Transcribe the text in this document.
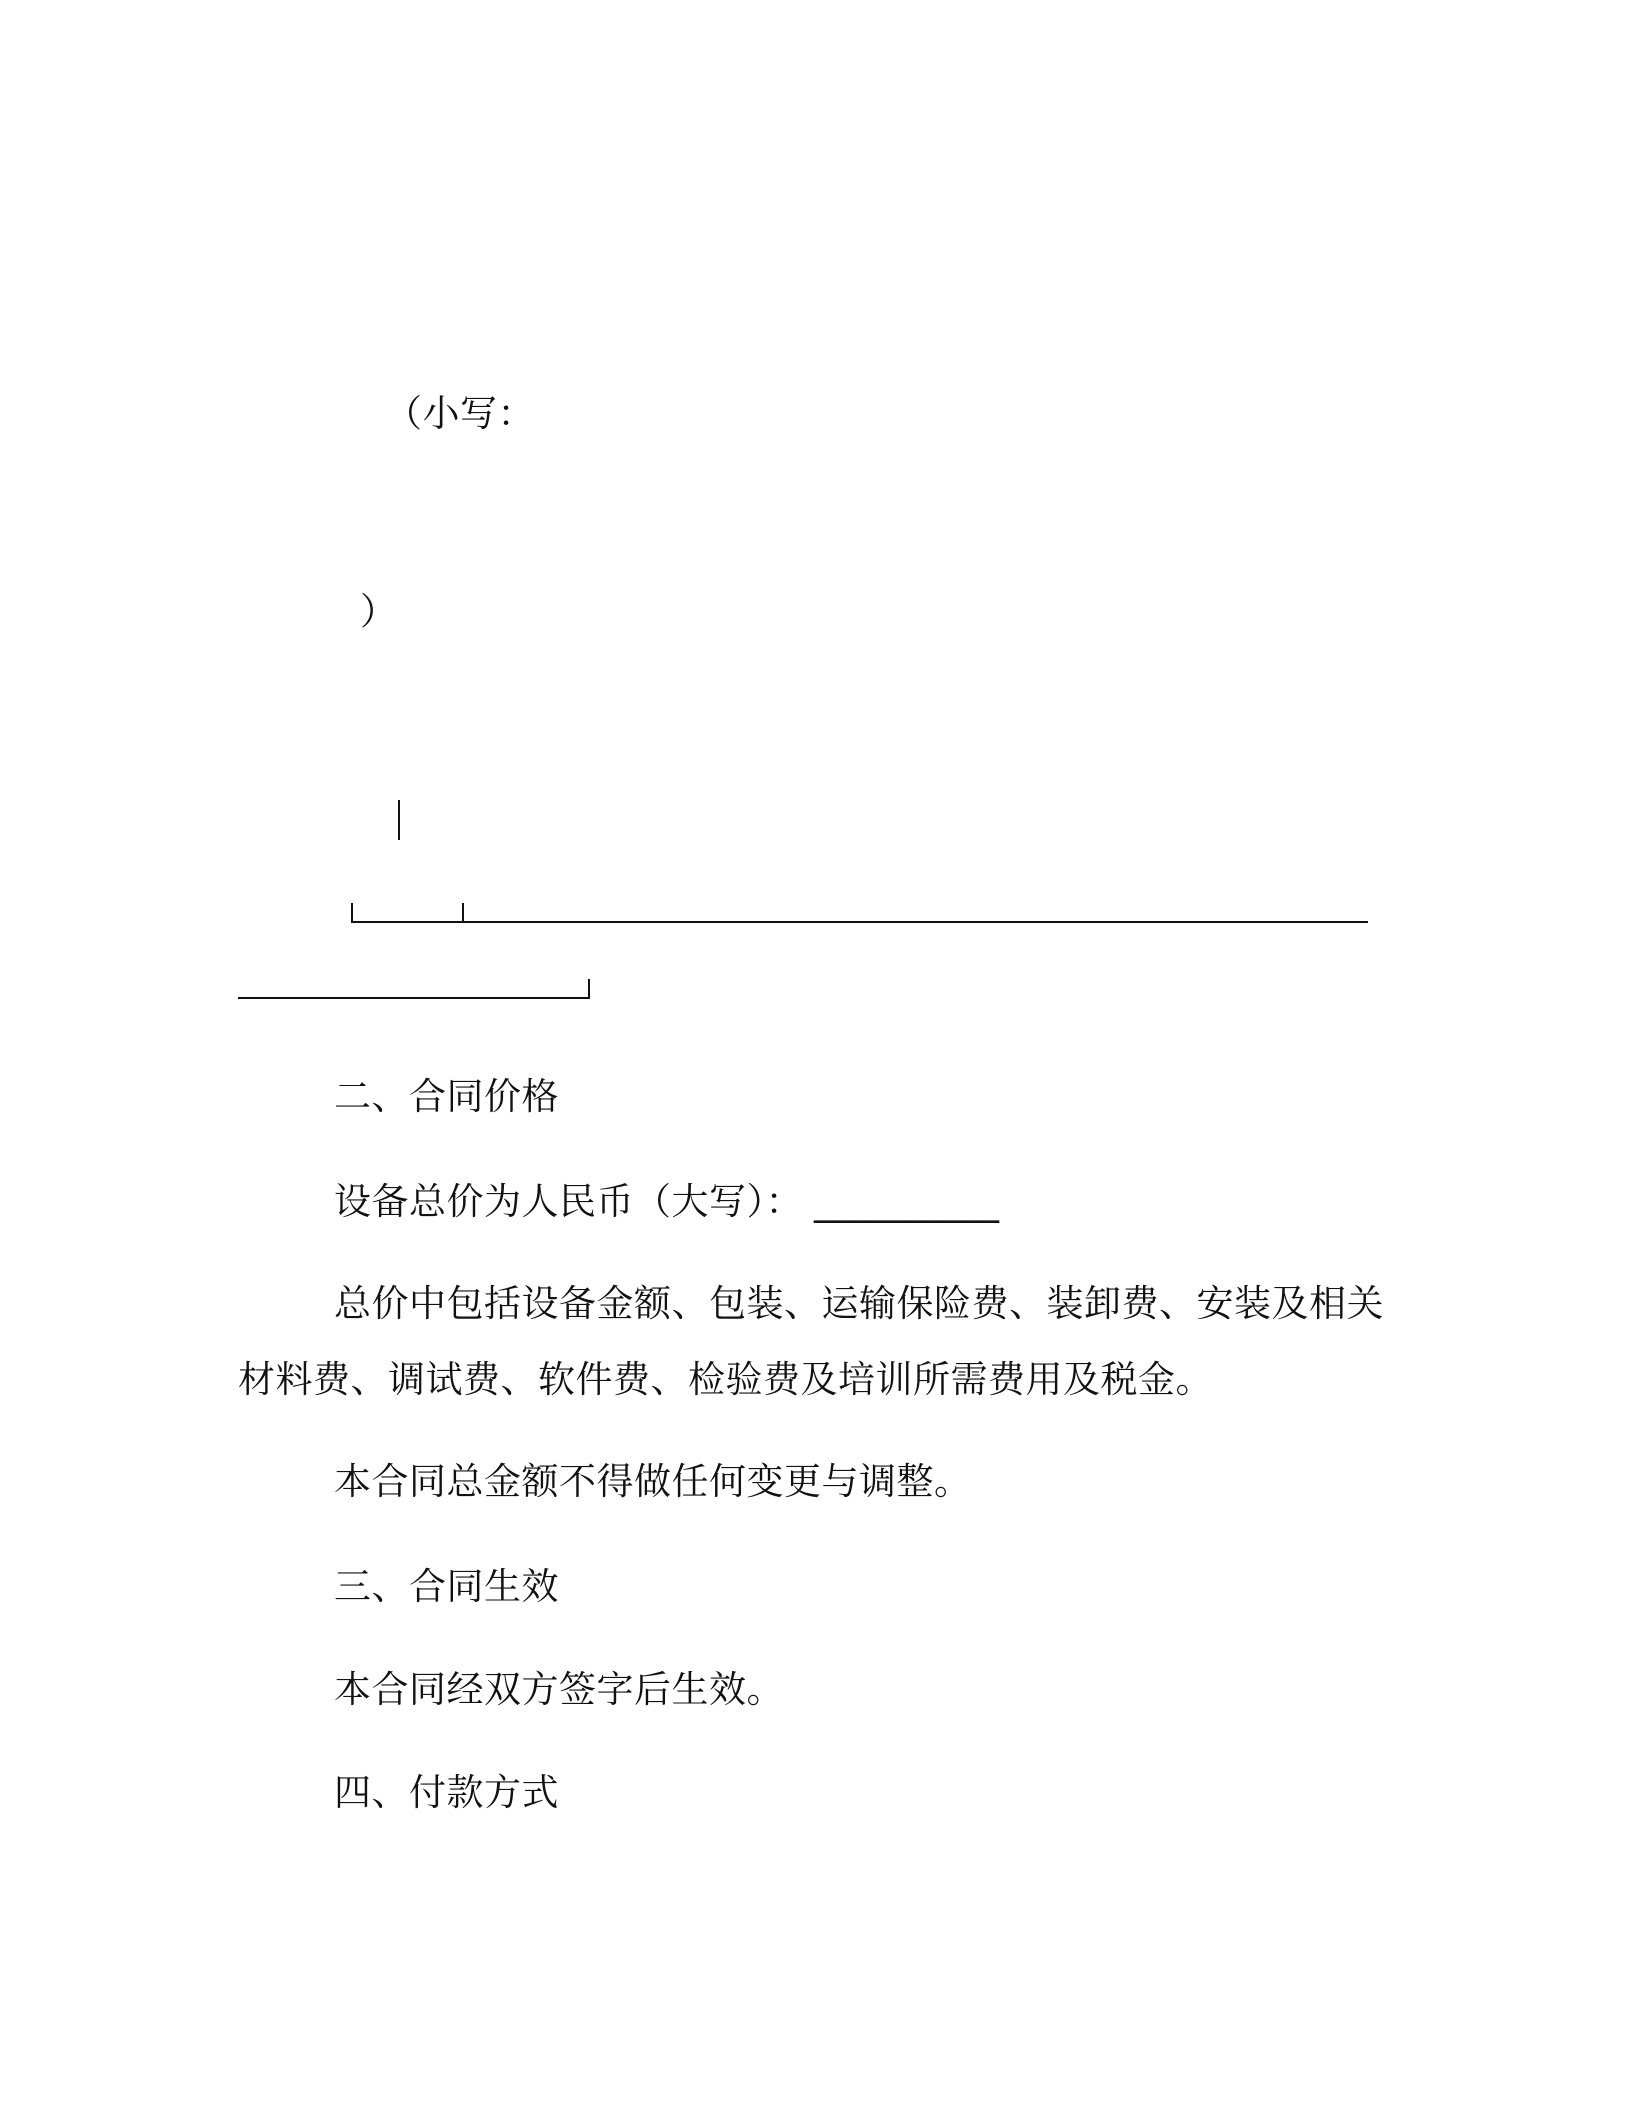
（小写：
）
二、合同价格
设备总价为人民币（大写）： __________
总价中包括设备金额、包装、运输保险费、装卸费、安装及相关
材料费、调试费、软件费、检验费及培训所需费用及税金。
本合同总金额不得做任何变更与调整。
三、合同生效
本合同经双方签字后生效。
四、付款方式
